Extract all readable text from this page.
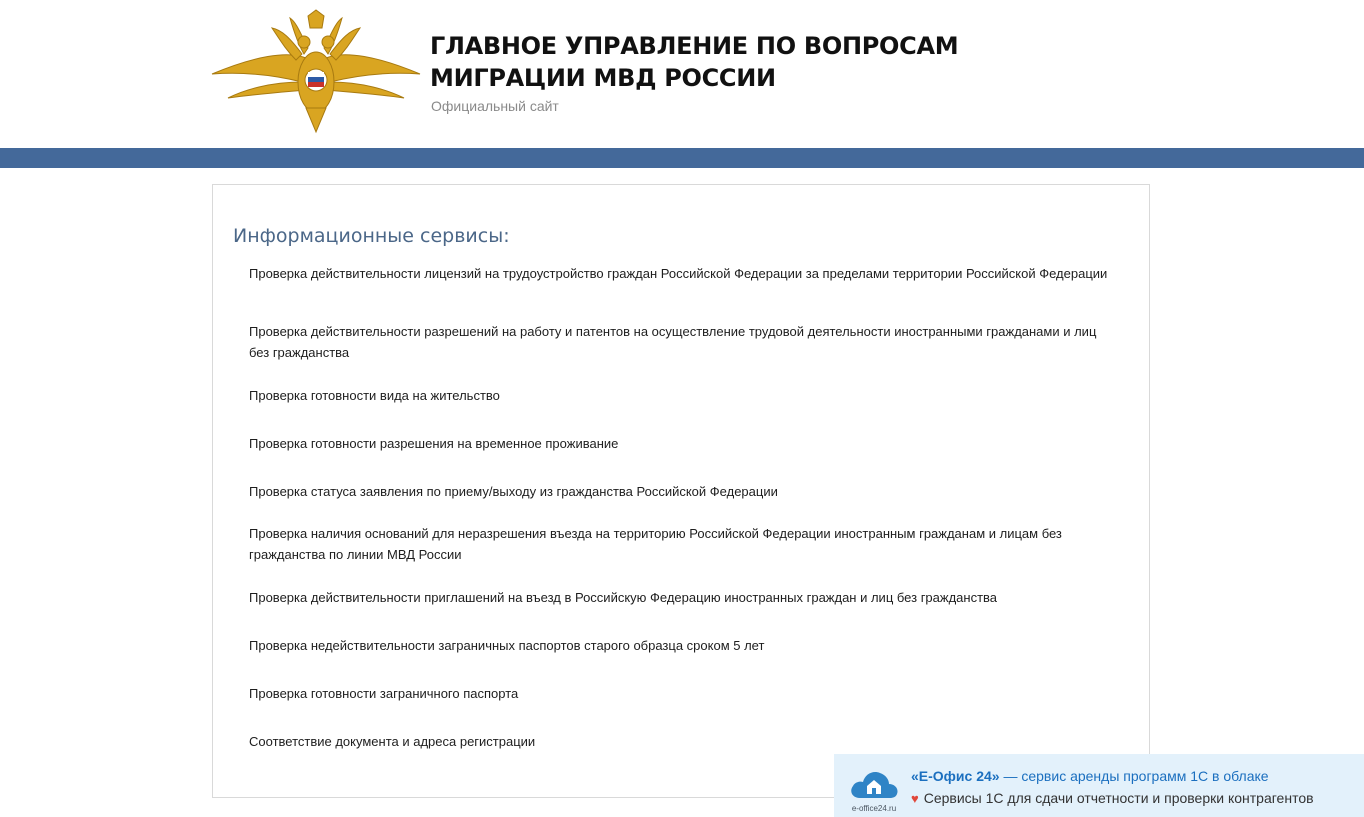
ГЛАВНОЕ УПРАВЛЕНИЕ ПО ВОПРОСАМ
МИГРАЦИИ МВД РОССИИ
Официальный сайт
Информационные сервисы:
Проверка действительности лицензий на трудоустройство граждан Российской Федерации за пределами территории Российской Федерации
Проверка действительности разрешений на работу и патентов на осуществление трудовой деятельности иностранными гражданами и лиц без гражданства
Проверка готовности вида на жительство
Проверка готовности разрешения на временное проживание
Проверка статуса заявления по приему/выходу из гражданства Российской Федерации
Проверка наличия оснований для неразрешения въезда на территорию Российской Федерации иностранным гражданам и лицам без гражданства по линии МВД России
Проверка действительности приглашений на въезд в Российскую Федерацию иностранных граждан и лиц без гражданства
Проверка недействительности заграничных паспортов старого образца сроком 5 лет
Проверка готовности заграничного паспорта
Соответствие документа и адреса регистрации
e-office24.ru
«Е-Офис 24» — сервис аренды программ 1С в облаке
♥ Сервисы 1С для сдачи отчетности и проверки контрагентов
